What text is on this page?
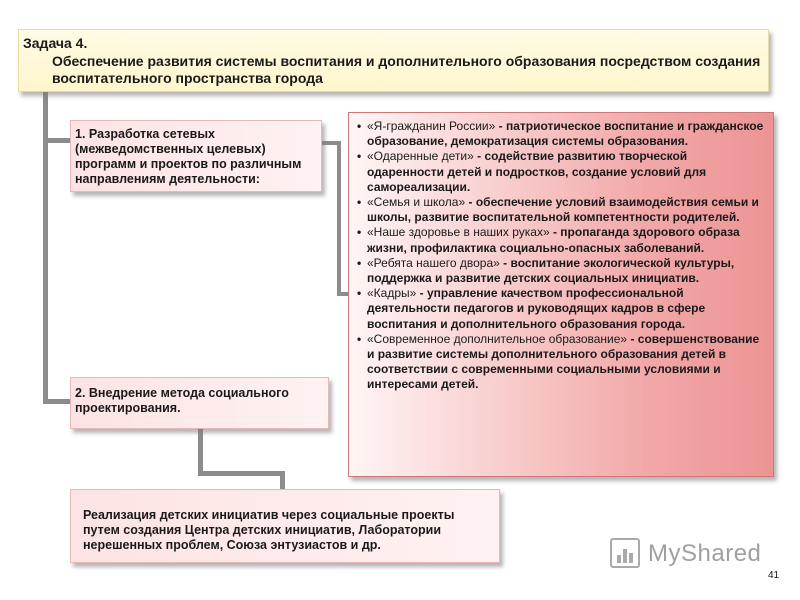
Задача 4.
Обеспечение развития системы воспитания и дополнительного образования посредством создания воспитательного пространства города
1. Разработка сетевых (межведомственных целевых) программ и проектов по различным направлениям деятельности:
2. Внедрение метода социального проектирования.
Реализация детских инициатив через социальные проекты путем создания Центра детских инициатив, Лаборатории нерешенных проблем, Союза энтузиастов и др.
• «Я-гражданин России» - патриотическое воспитание и гражданское образование, демократизация системы образования.
• «Одаренные дети» - содействие развитию творческой одаренности детей и подростков, создание условий для самореализации.
• «Семья и школа» - обеспечение условий взаимодействия семьи и школы, развитие воспитательной компетентности родителей.
• «Наше здоровье в наших руках» - пропаганда здорового образа жизни, профилактика социально-опасных заболеваний.
• «Ребята нашего двора» - воспитание экологической культуры, поддержка и развитие детских социальных инициатив.
• «Кадры» - управление качеством профессиональной деятельности педагогов и руководящих кадров в сфере воспитания и дополнительного образования города.
• «Современное дополнительное образование» - совершенствование и развитие системы дополнительного образования детей в соответствии с современными социальными условиями и интересами детей.
MyShared
41
